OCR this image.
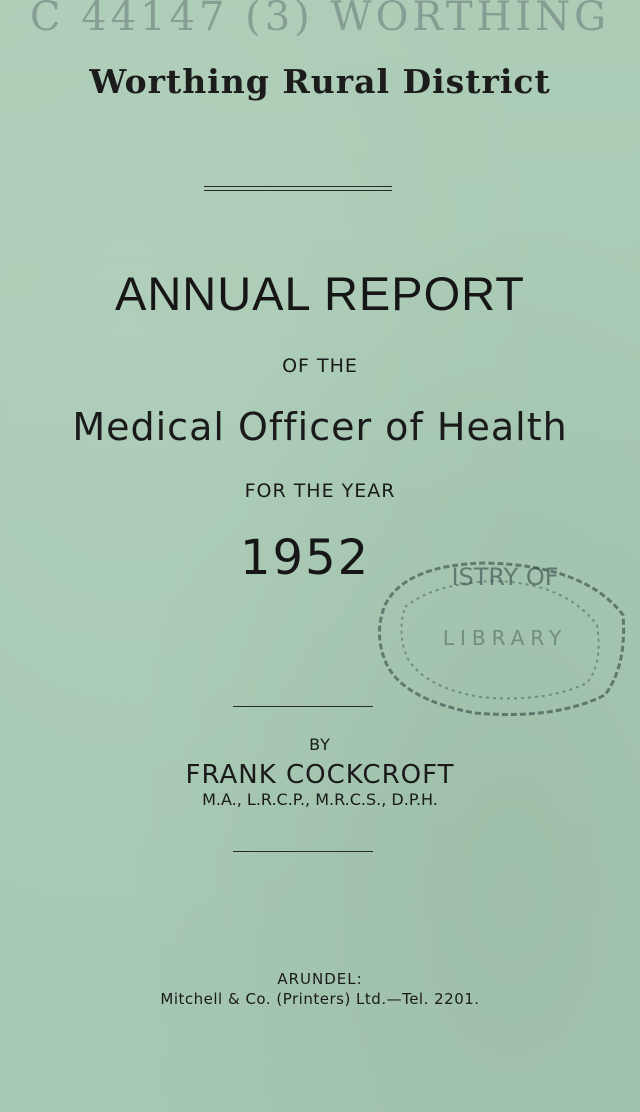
C 44147 (3) WORTHING
Worthing Rural District
ANNUAL REPORT
OF THE
Medical Officer of Health
FOR THE YEAR
1952	ISTRY OF
LIBRARY
BY
FRANK COCKCROFT
M.A., L.R.C.P., M.R.C.S., D.P.H.
ARUNDEL:
Mitchell & Co. (Printers) Ltd.—Tel. 2201.
